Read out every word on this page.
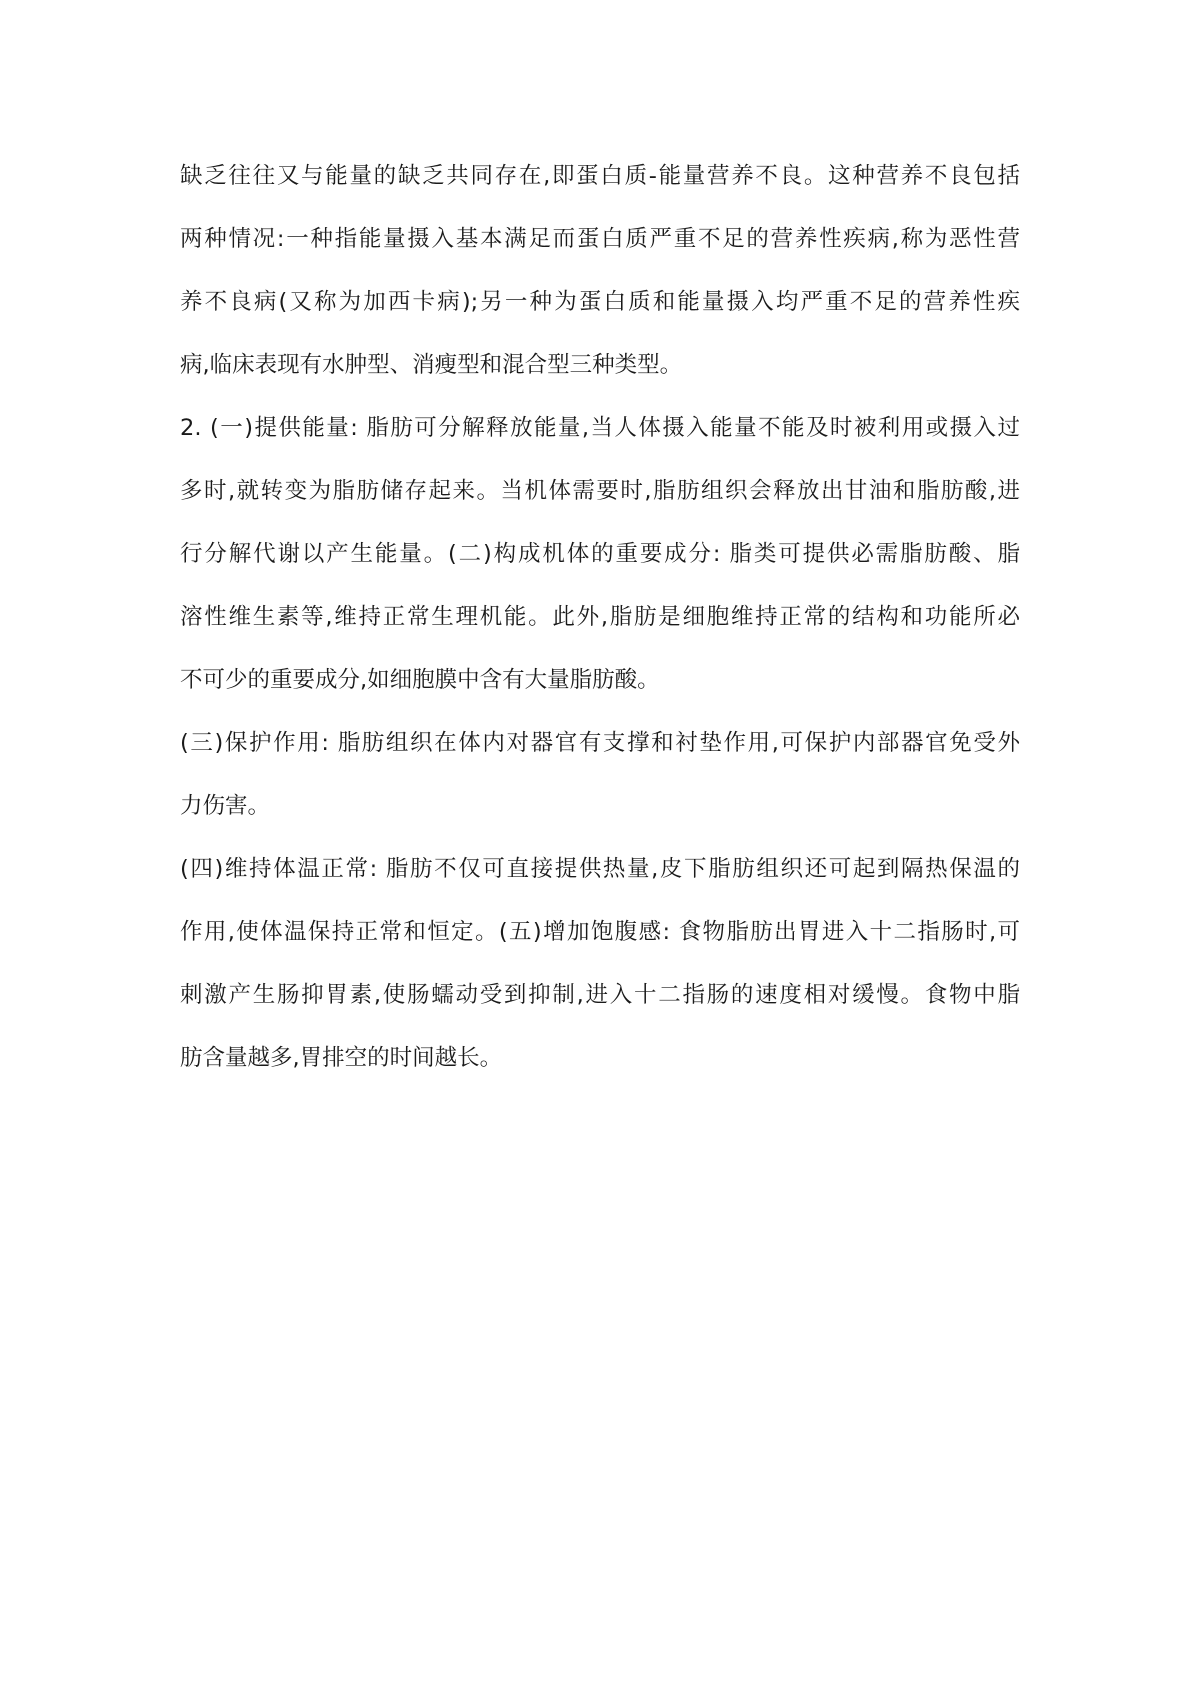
缺乏往往又与能量的缺乏共同存在,即蛋白质-能量营养不良。这种营养不良包括
两种情况:一种指能量摄入基本满足而蛋白质严重不足的营养性疾病,称为恶性营
养不良病(又称为加西卡病);另一种为蛋白质和能量摄入均严重不足的营养性疾
病,临床表现有水肿型、消瘦型和混合型三种类型。
2. (一)提供能量: 脂肪可分解释放能量,当人体摄入能量不能及时被利用或摄入过
多时,就转变为脂肪储存起来。当机体需要时,脂肪组织会释放出甘油和脂肪酸,进
行分解代谢以产生能量。(二)构成机体的重要成分: 脂类可提供必需脂肪酸、脂
溶性维生素等,维持正常生理机能。此外,脂肪是细胞维持正常的结构和功能所必
不可少的重要成分,如细胞膜中含有大量脂肪酸。
(三)保护作用: 脂肪组织在体内对器官有支撑和衬垫作用,可保护内部器官免受外
力伤害。
(四)维持体温正常: 脂肪不仅可直接提供热量,皮下脂肪组织还可起到隔热保温的
作用,使体温保持正常和恒定。(五)增加饱腹感: 食物脂肪出胃进入十二指肠时,可
刺激产生肠抑胃素,使肠蠕动受到抑制,进入十二指肠的速度相对缓慢。食物中脂
肪含量越多,胃排空的时间越长。
